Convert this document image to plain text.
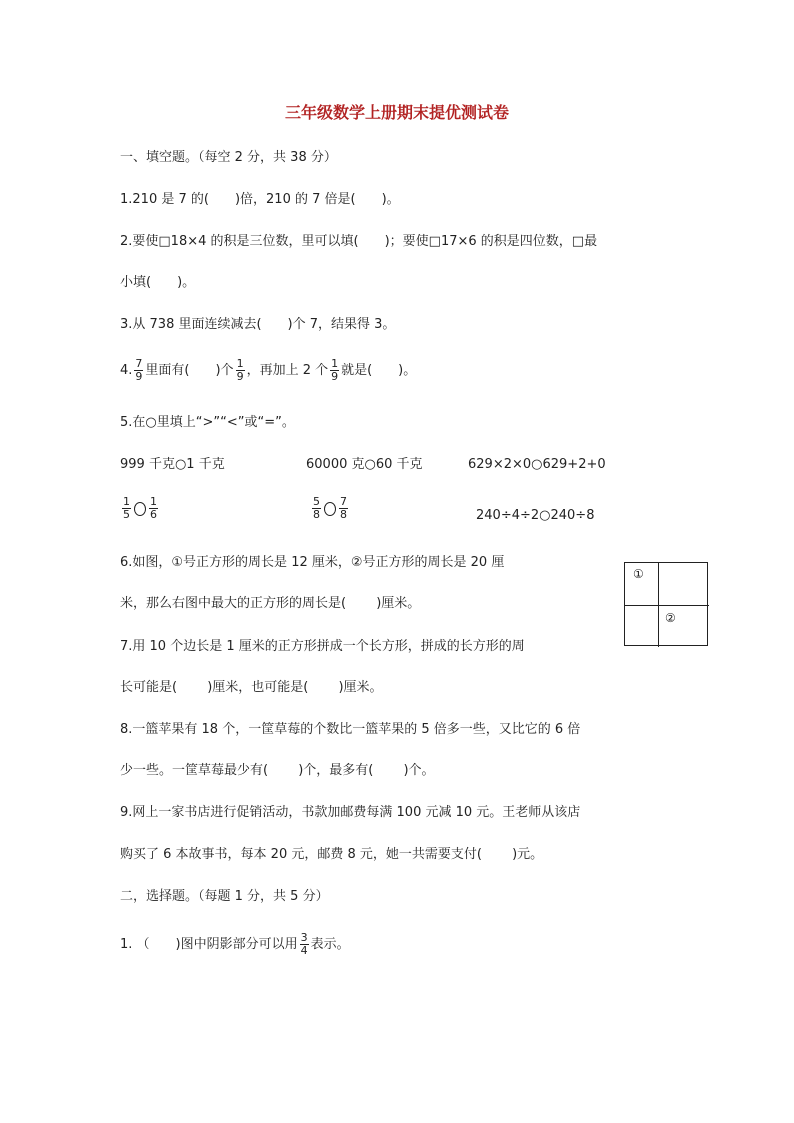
三年级数学上册期末提优测试卷
一、填空题。（每空 2 分，共 38 分）
1.210 是 7 的(　　)倍，210 的 7 倍是(　　)。
2.要使□18×4 的积是三位数，里可以填(　　)；要使□17×6 的积是四位数，□最
小填(　　)。
3.从 738 里面连续减去(　　)个 7，结果得 3。
4. $\frac{7}{9}$ 里面有(　　)个 $\frac{1}{9}$ ，再加上 2 个 $\frac{1}{9}$ 就是(　　)。
5.在○里填上“>”“<”或“=”。
999 千克○1 千克	60000 克○60 千克	629×2×0○629+2+0
$\frac{1}{5} \frac{1}{6}$	$\frac{5}{8} \frac{7}{8}$	240÷4÷2○240÷8
6.如图，①号正方形的周长是 12 厘米，②号正方形的周长是 20 厘
米，那么右图中最大的正方形的周长是(　　 )厘米。
①
②
7.用 10 个边长是 1 厘米的正方形拼成一个长方形，拼成的长方形的周
长可能是(　　 )厘米，也可能是(　　 )厘米。
8.一篮苹果有 18 个，一筐草莓的个数比一篮苹果的 5 倍多一些，又比它的 6 倍
少一些。一筐草莓最少有(　　 )个，最多有(　　 )个。
9.网上一家书店进行促销活动，书款加邮费每满 100 元减 10 元。王老师从该店
购买了 6 本故事书，每本 20 元，邮费 8 元，她一共需要支付(　　 )元。
二，选择题。（每题 1 分，共 5 分）
1. （　　)图中阴影部分可以用 $\frac{3}{4}$ 表示。
